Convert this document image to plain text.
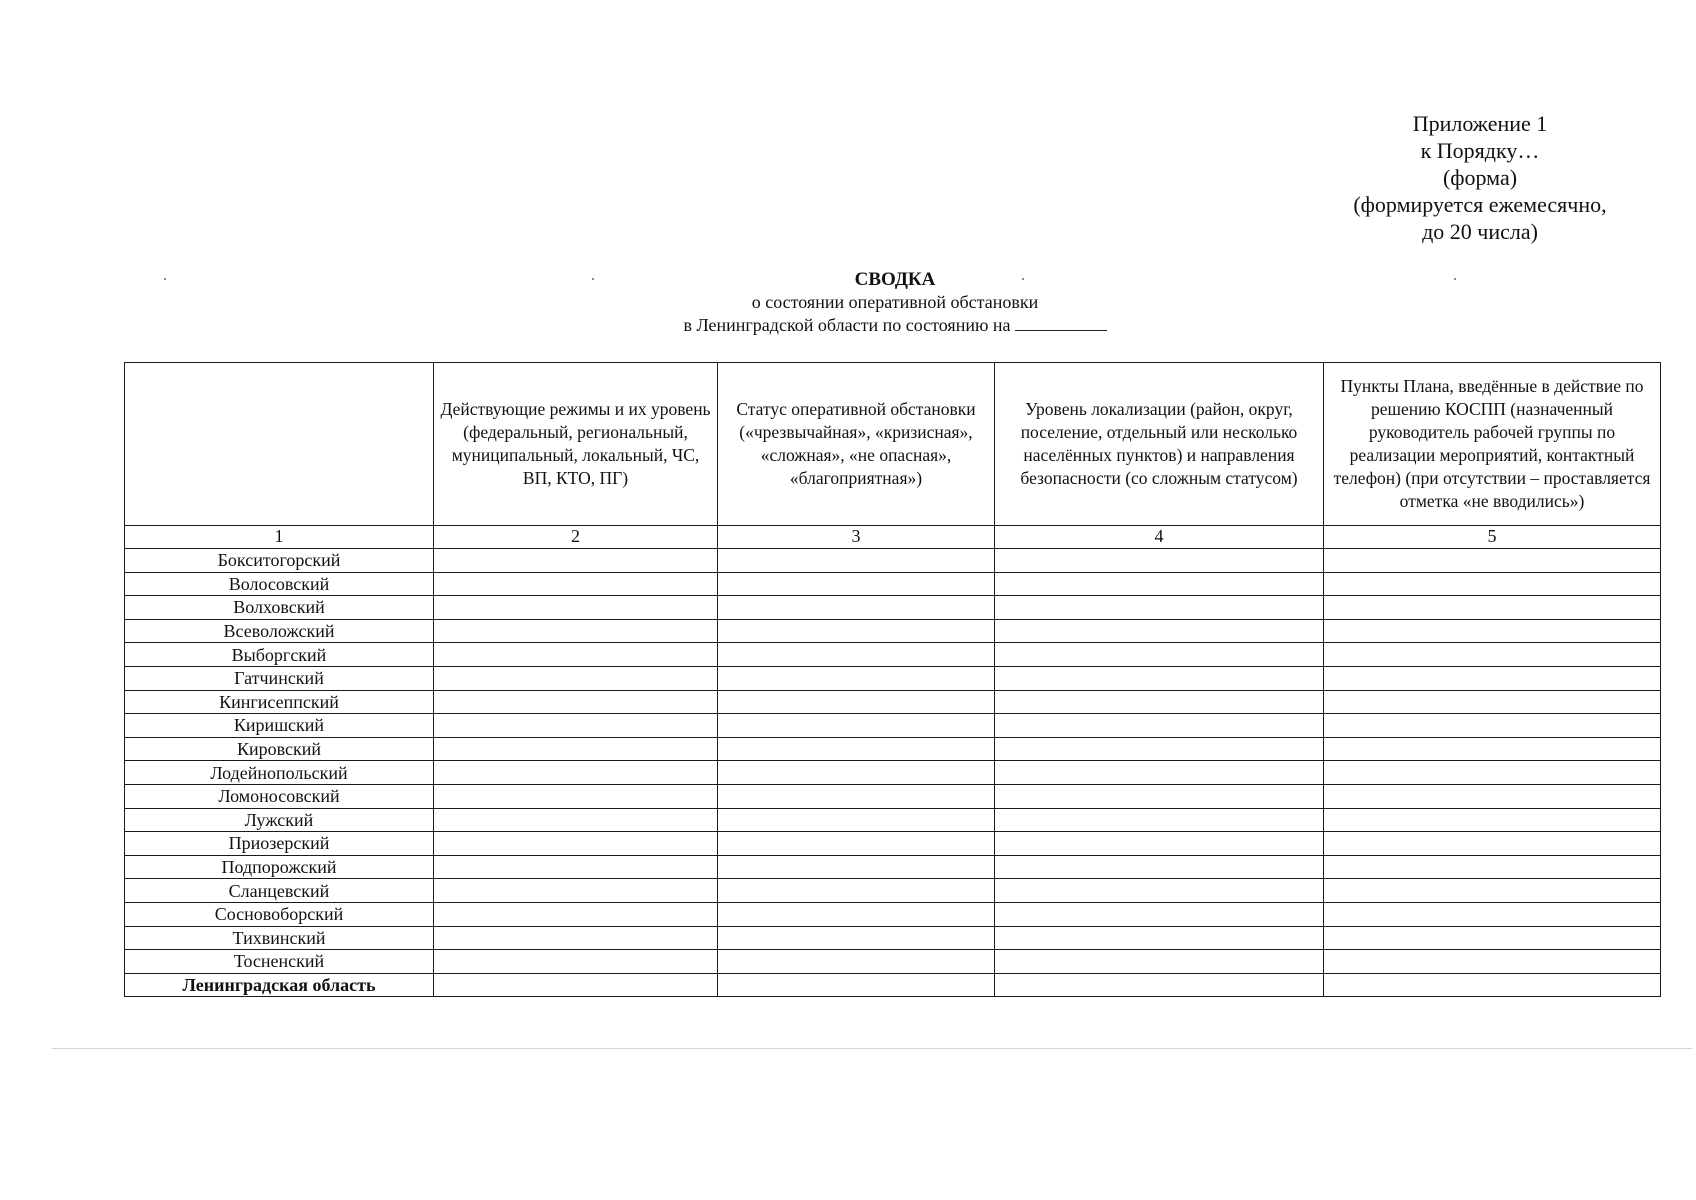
Приложение 1
к Порядку…
(форма)
(формируется ежемесячно,
до 20 числа)
СВОДКА
о состоянии оперативной обстановки
в Ленинградской области по состоянию на
	Действующие режимы и их уровень (федеральный, региональный, муниципальный, локальный, ЧС, ВП, КТО, ПГ)	Статус оперативной обстановки («чрезвычайная», «кризисная», «сложная», «не опасная», «благоприятная»)	Уровень локализации (район, округ, поселение, отдельный или несколько населённых пунктов) и направления безопасности (со сложным статусом)	Пункты Плана, введённые в действие по решению КОСПП (назначенный руководитель рабочей группы по реализации мероприятий, контактный телефон) (при отсутствии – проставляется отметка «не вводились»)
1	2	3	4	5
Бокситогорский				
Волосовский				
Волховский				
Всеволожский				
Выборгский				
Гатчинский				
Кингисеппский				
Киришский				
Кировский				
Лодейнопольский				
Ломоносовский				
Лужский				
Приозерский				
Подпорожский				
Сланцевский				
Сосновоборский				
Тихвинский				
Тосненский				
Ленинградская область				
